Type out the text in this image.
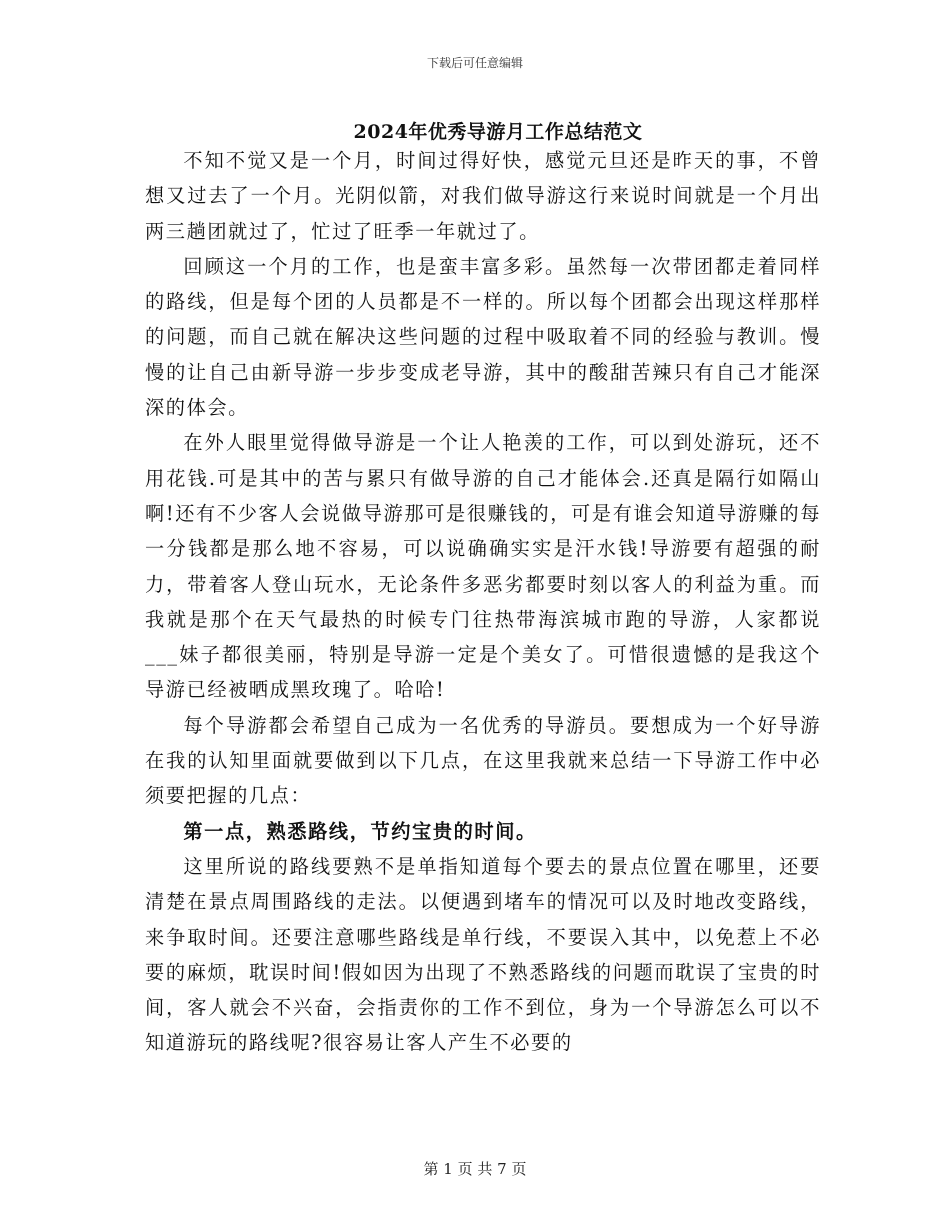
下载后可任意编辑
2024年优秀导游月工作总结范文

不知不觉又是一个月，时间过得好快，感觉元旦还是昨天的事，不曾想又过去了一个月。光阴似箭，对我们做导游这行来说时间就是一个月出两三趟团就过了，忙过了旺季一年就过了。

回顾这一个月的工作，也是蛮丰富多彩。虽然每一次带团都走着同样的路线，但是每个团的人员都是不一样的。所以每个团都会出现这样那样的问题，而自己就在解决这些问题的过程中吸取着不同的经验与教训。慢慢的让自己由新导游一步步变成老导游，其中的酸甜苦辣只有自己才能深深的体会。

在外人眼里觉得做导游是一个让人艳羡的工作，可以到处游玩，还不用花钱.可是其中的苦与累只有做导游的自己才能体会.还真是隔行如隔山啊!还有不少客人会说做导游那可是很赚钱的，可是有谁会知道导游赚的每一分钱都是那么地不容易，可以说确确实实是汗水钱!导游要有超强的耐力，带着客人登山玩水，无论条件多恶劣都要时刻以客人的利益为重。而我就是那个在天气最热的时候专门往热带海滨城市跑的导游，人家都说___妹子都很美丽，特别是导游一定是个美女了。可惜很遗憾的是我这个导游已经被晒成黑玫瑰了。哈哈!

每个导游都会希望自己成为一名优秀的导游员。要想成为一个好导游在我的认知里面就要做到以下几点，在这里我就来总结一下导游工作中必须要把握的几点：

第一点，熟悉路线，节约宝贵的时间。

这里所说的路线要熟不是单指知道每个要去的景点位置在哪里，还要清楚在景点周围路线的走法。以便遇到堵车的情况可以及时地改变路线，来争取时间。还要注意哪些路线是单行线，不要误入其中，以免惹上不必要的麻烦，耽误时间!假如因为出现了不熟悉路线的问题而耽误了宝贵的时间，客人就会不兴奋，会指责你的工作不到位，身为一个导游怎么可以不知道游玩的路线呢?很容易让客人产生不必要的

第 1 页 共 7 页
